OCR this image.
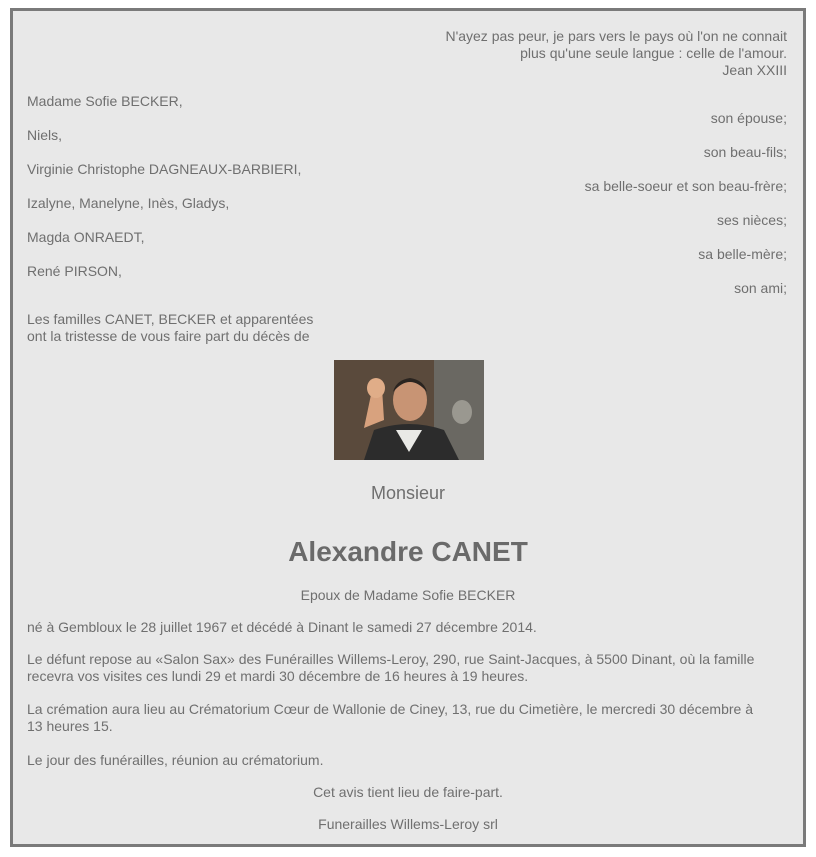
N'ayez pas peur, je pars vers le pays où l'on ne connait
plus qu'une seule langue : celle de l'amour.
Jean XXIII
Madame Sofie BECKER,
son épouse;
Niels,
son beau-fils;
Virginie Christophe DAGNEAUX-BARBIERI,
sa belle-soeur et son beau-frère;
Izalyne, Manelyne, Inès, Gladys,
ses nièces;
Magda ONRAEDT,
sa belle-mère;
René PIRSON,
son ami;
Les familles CANET, BECKER et apparentées
ont la tristesse de vous faire part du décès de
Monsieur
Alexandre CANET
Epoux de Madame Sofie BECKER
né à Gembloux le 28 juillet 1967 et décédé à Dinant le samedi 27 décembre 2014.
Le défunt repose au «Salon Sax» des Funérailles Willems-Leroy, 290, rue Saint-Jacques, à 5500 Dinant, où la famille
recevra vos visites ces lundi 29 et mardi 30 décembre de 16 heures à 19 heures.
La crémation aura lieu au Crématorium Cœur de Wallonie de Ciney, 13, rue du Cimetière, le mercredi 30 décembre à
13 heures 15.
Le jour des funérailles, réunion au crématorium.
Cet avis tient lieu de faire-part.
Funerailles Willems-Leroy srl
